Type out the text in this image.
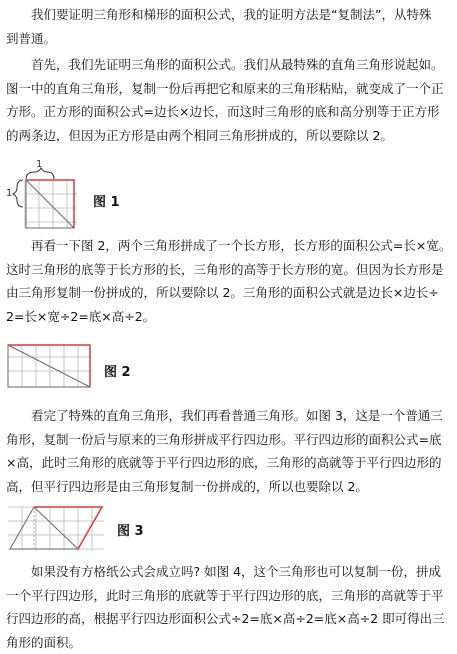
　　我们要证明三角形和梯形的面积公式，我的证明方法是“复制法”，从特殊
到普通。
　　首先，我们先证明三角形的面积公式。我们从最特殊的直角三角形说起如。
图一中的直角三角形，复制一份后再把它和原来的三角形粘贴，就变成了一个正
方形。正方形的面积公式=边长×边长，而这时三角形的底和高分别等于正方形
的两条边，但因为正方形是由两个相同三角形拼成的，所以要除以 2。
1
1
图 1
　　再看一下图 2，两个三角形拼成了一个长方形，长方形的面积公式=长×宽。
这时三角形的底等于长方形的长，三角形的高等于长方形的宽。但因为长方形是
由三角形复制一份拼成的，所以要除以 2。三角形的面积公式就是边长×边长÷
2=长×宽÷2=底×高÷2。
图 2
　　看完了特殊的直角三角形，我们再看普通三角形。如图 3，这是一个普通三
角形，复制一份后与原来的三角形拼成平行四边形。平行四边形的面积公式=底
×高，此时三角形的底就等于平行四边形的底，三角形的高就等于平行四边形的
高，但平行四边形是由三角形复制一份拼成的，所以也要除以 2。
图 3
　　如果没有方格纸公式会成立吗? 如图 4，这个三角形也可以复制一份，拼成
一个平行四边形，此时三角形的底就等于平行四边形的底，三角形的高就等于平
行四边形的高，根据平行四边形面积公式÷2=底×高÷2=底×高÷2 即可得出三
角形的面积。
